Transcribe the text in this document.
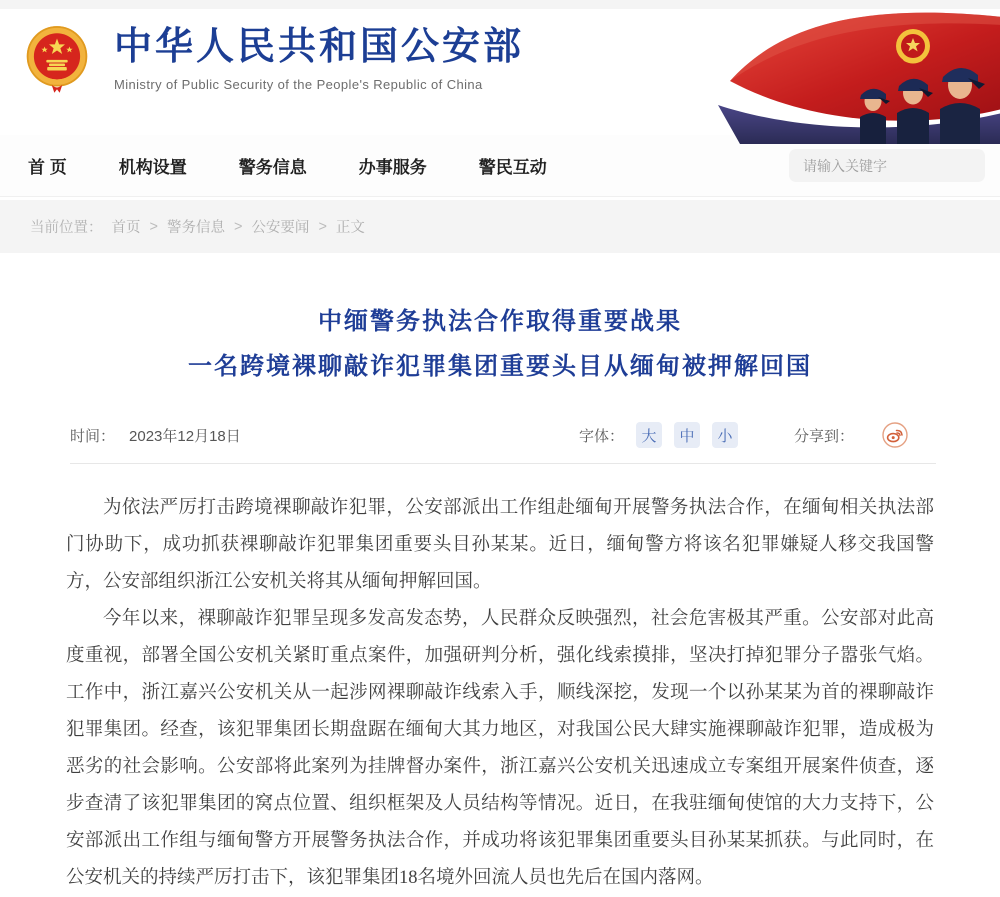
中华人民共和国公安部
Ministry of Public Security of the People's Republic of China
首 页	机构设置	警务信息	办事服务	警民互动
请输入关键字
当前位置： 首页 > 警务信息 > 公安要闻 > 正文
中缅警务执法合作取得重要战果
一名跨境裸聊敲诈犯罪集团重要头目从缅甸被押解回国
时间： 2023年12月18日	字体：	大	中	小	分享到：

为依法严厉打击跨境裸聊敲诈犯罪，公安部派出工作组赴缅甸开展警务执法合作，在缅甸相关执法部门协助下，成功抓获裸聊敲诈犯罪集团重要头目孙某某。近日，缅甸警方将该名犯罪嫌疑人移交我国警方，公安部组织浙江公安机关将其从缅甸押解回国。

今年以来，裸聊敲诈犯罪呈现多发高发态势，人民群众反映强烈，社会危害极其严重。公安部对此高度重视，部署全国公安机关紧盯重点案件，加强研判分析，强化线索摸排，坚决打掉犯罪分子嚣张气焰。工作中，浙江嘉兴公安机关从一起涉网裸聊敲诈线索入手，顺线深挖，发现一个以孙某某为首的裸聊敲诈犯罪集团。经查，该犯罪集团长期盘踞在缅甸大其力地区，对我国公民大肆实施裸聊敲诈犯罪，造成极为恶劣的社会影响。公安部将此案列为挂牌督办案件，浙江嘉兴公安机关迅速成立专案组开展案件侦查，逐步查清了该犯罪集团的窝点位置、组织框架及人员结构等情况。近日，在我驻缅甸使馆的大力支持下，公安部派出工作组与缅甸警方开展警务执法合作，并成功将该犯罪集团重要头目孙某某抓获。与此同时，在公安机关的持续严厉打击下，该犯罪集团18名境外回流人员也先后在国内落网。
